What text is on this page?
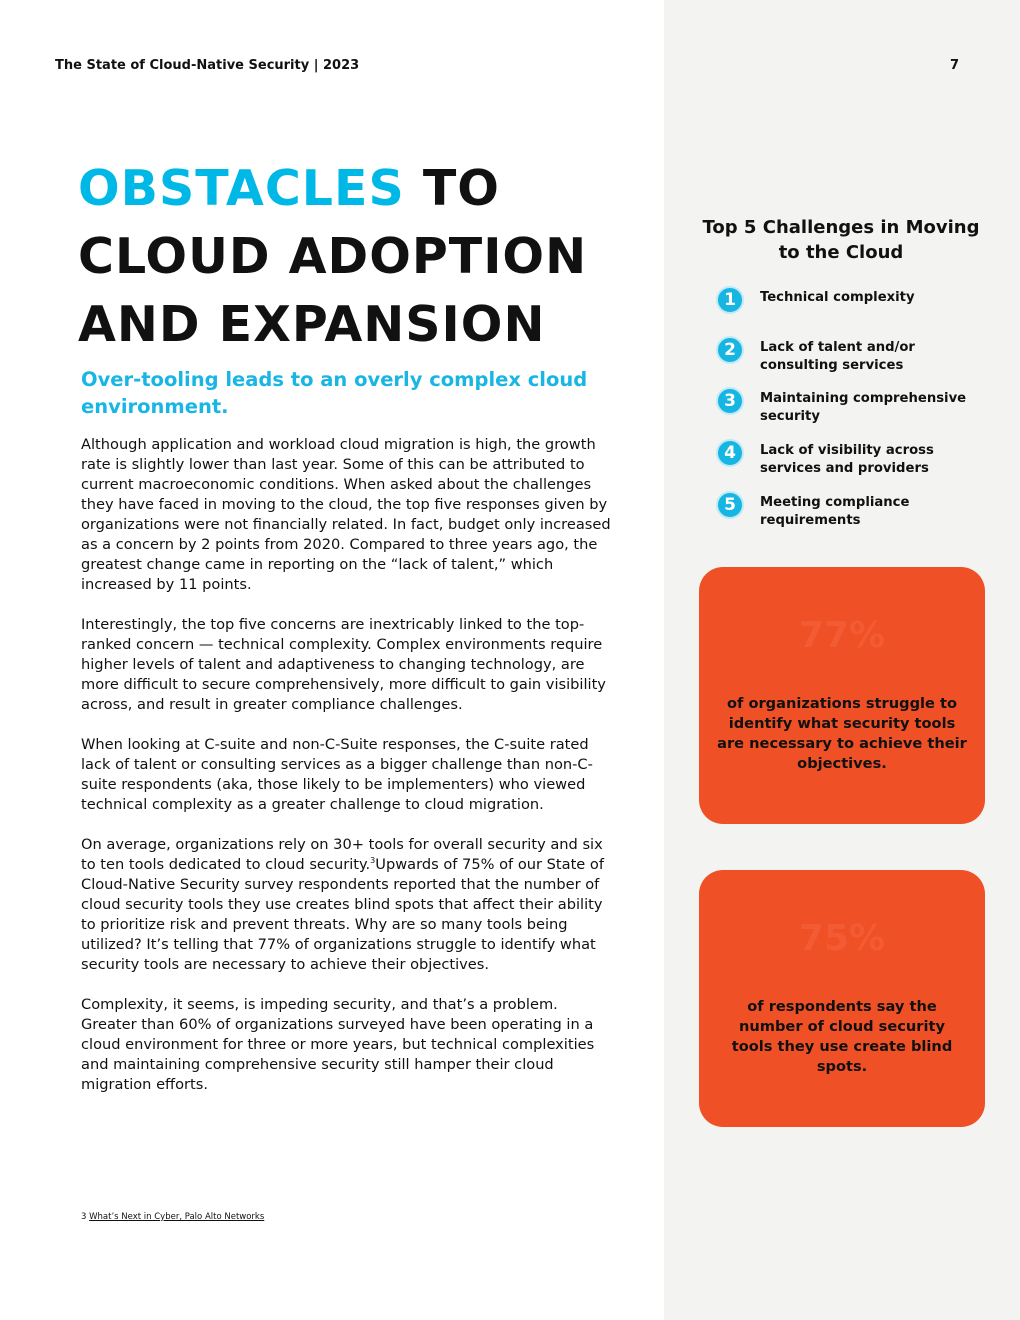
The State of Cloud-Native Security | 2023	7
OBSTACLES TO
CLOUD ADOPTION
AND EXPANSION
Over-tooling leads to an overly complex cloud environment.

Although application and workload cloud migration is high, the growth rate is slightly lower than last year. Some of this can be attributed to current macroeconomic conditions. When asked about the challenges they have faced in moving to the cloud, the top five responses given by organizations were not financially related. In fact, budget only increased as a concern by 2 points from 2020. Compared to three years ago, the greatest change came in reporting on the “lack of talent,” which increased by 11 points.

Interestingly, the top five concerns are inextricably linked to the top-ranked concern — technical complexity. Complex environments require higher levels of talent and adaptiveness to changing technology, are more difficult to secure comprehensively, more difficult to gain visibility across, and result in greater compliance challenges.

When looking at C-suite and non-C-Suite responses, the C-suite rated lack of talent or consulting services as a bigger challenge than non-C-suite respondents (aka, those likely to be implementers) who viewed technical complexity as a greater challenge to cloud migration.

On average, organizations rely on 30+ tools for overall security and six to ten tools dedicated to cloud security.$^3$Upwards of 75% of our State of Cloud-Native Security survey respondents reported that the number of cloud security tools they use creates blind spots that affect their ability to prioritize risk and prevent threats. Why are so many tools being utilized? It’s telling that 77% of organizations struggle to identify what security tools are necessary to achieve their objectives.

Complexity, it seems, is impeding security, and that’s a problem. Greater than 60% of organizations surveyed have been operating in a cloud environment for three or more years, but technical complexities and maintaining comprehensive security still hamper their cloud migration efforts.

3 What’s Next in Cyber, Palo Alto Networks
Top 5 Challenges in Moving to the Cloud
1	Technical complexity
2	Lack of talent and/or consulting services
3	Maintaining comprehensive security
4	Lack of visibility across services and providers
5	Meeting compliance requirements
77%
of organizations struggle to identify what security tools are necessary to achieve their objectives.
75%
of respondents say the number of cloud security tools they use create blind spots.
